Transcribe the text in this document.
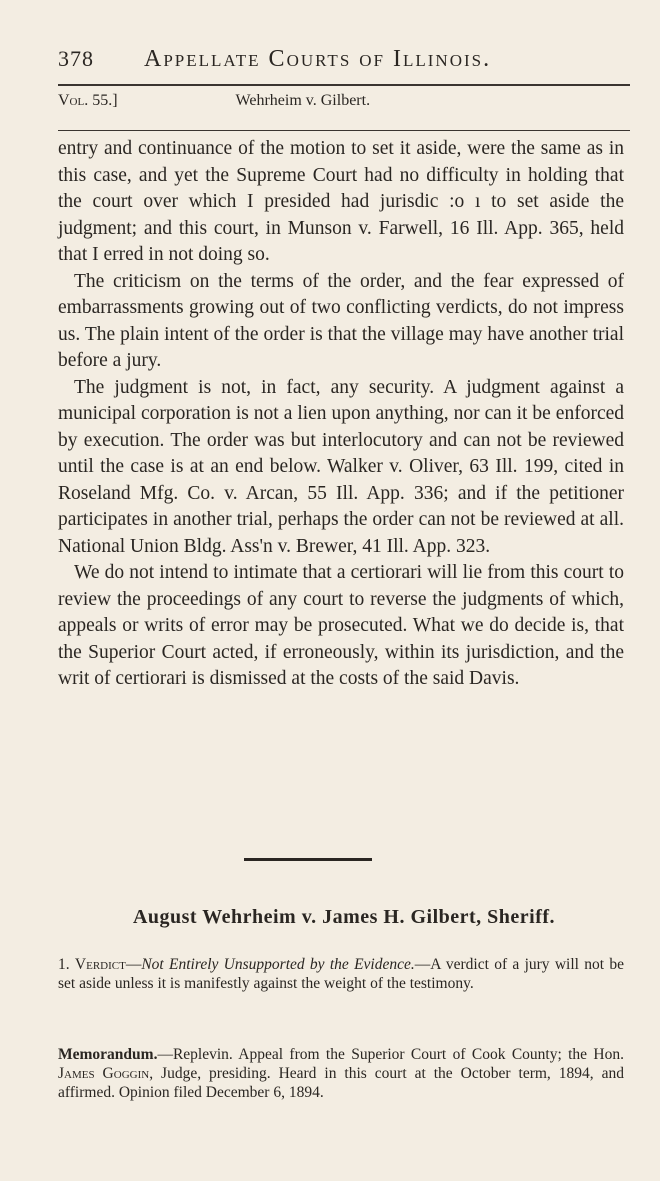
378 Appellate Courts of Illinois.
Vol. 55.]	Wehrheim v. Gilbert.

entry and continuance of the motion to set it aside, were the same as in this case, and yet the Supreme Court had no difficulty in holding that the court over which I presided had jurisdic :o ı to set aside the judgment; and this court, in Munson v. Farwell, 16 Ill. App. 365, held that I erred in not doing so.

The criticism on the terms of the order, and the fear expressed of embarrassments growing out of two conflicting verdicts, do not impress us. The plain intent of the order is that the village may have another trial before a jury.

The judgment is not, in fact, any security. A judgment against a municipal corporation is not a lien upon anything, nor can it be enforced by execution. The order was but interlocutory and can not be reviewed until the case is at an end below. Walker v. Oliver, 63 Ill. 199, cited in Roseland Mfg. Co. v. Arcan, 55 Ill. App. 336; and if the petitioner participates in another trial, perhaps the order can not be reviewed at all. National Union Bldg. Ass'n v. Brewer, 41 Ill. App. 323.

We do not intend to intimate that a certiorari will lie from this court to review the proceedings of any court to reverse the judgments of which, appeals or writs of error may be prosecuted. What we do decide is, that the Superior Court acted, if erroneously, within its jurisdiction, and the writ of certiorari is dismissed at the costs of the said Davis.

August Wehrheim v. James H. Gilbert, Sheriff.
1. Verdict—Not Entirely Unsupported by the Evidence.—A verdict of a jury will not be set aside unless it is manifestly against the weight of the testimony.
Memorandum.—Replevin. Appeal from the Superior Court of Cook County; the Hon. James Goggin, Judge, presiding. Heard in this court at the October term, 1894, and affirmed. Opinion filed December 6, 1894.
